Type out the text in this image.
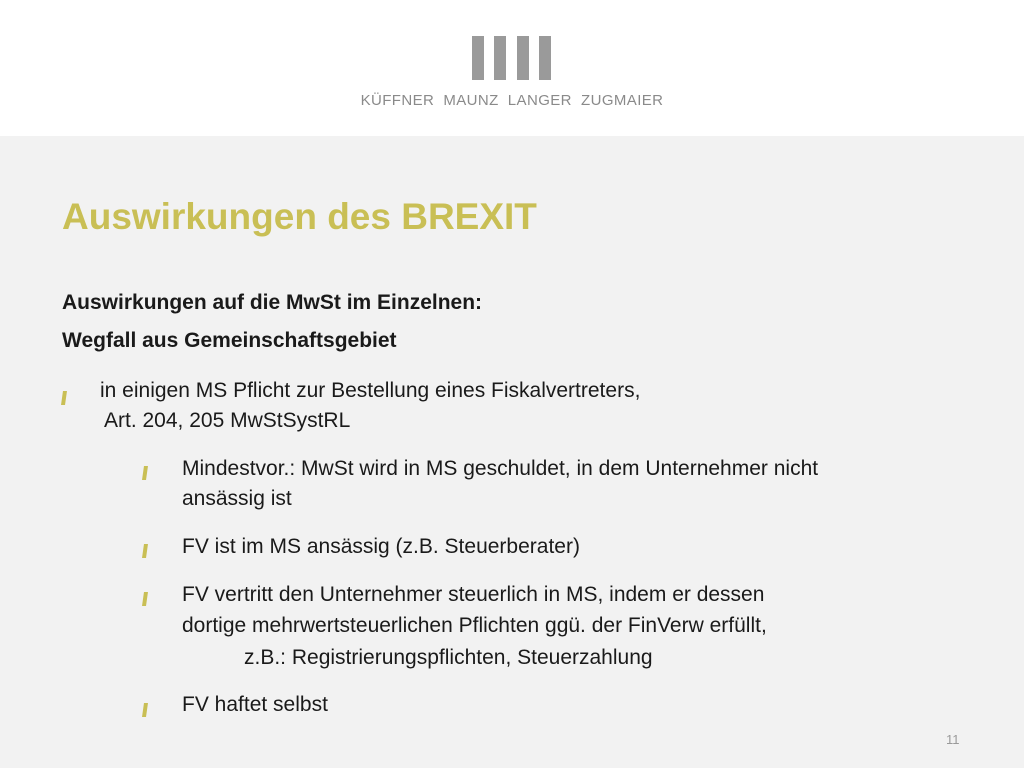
KÜFFNER  MAUNZ  LANGER  ZUGMAIER
Auswirkungen des BREXIT
Auswirkungen auf die MwSt im Einzelnen:
Wegfall aus Gemeinschaftsgebiet
in einigen MS Pflicht zur Bestellung eines Fiskalvertreters,
Art. 204, 205 MwStSystRL
Mindestvor.: MwSt wird in MS geschuldet, in dem Unternehmer nicht
ansässig ist
FV ist im MS ansässig (z.B. Steuerberater)
FV vertritt den Unternehmer steuerlich in MS, indem er dessen
dortige mehrwertsteuerlichen Pflichten ggü. der FinVerw erfüllt,
z.B.: Registrierungspflichten, Steuerzahlung
FV haftet selbst
11
